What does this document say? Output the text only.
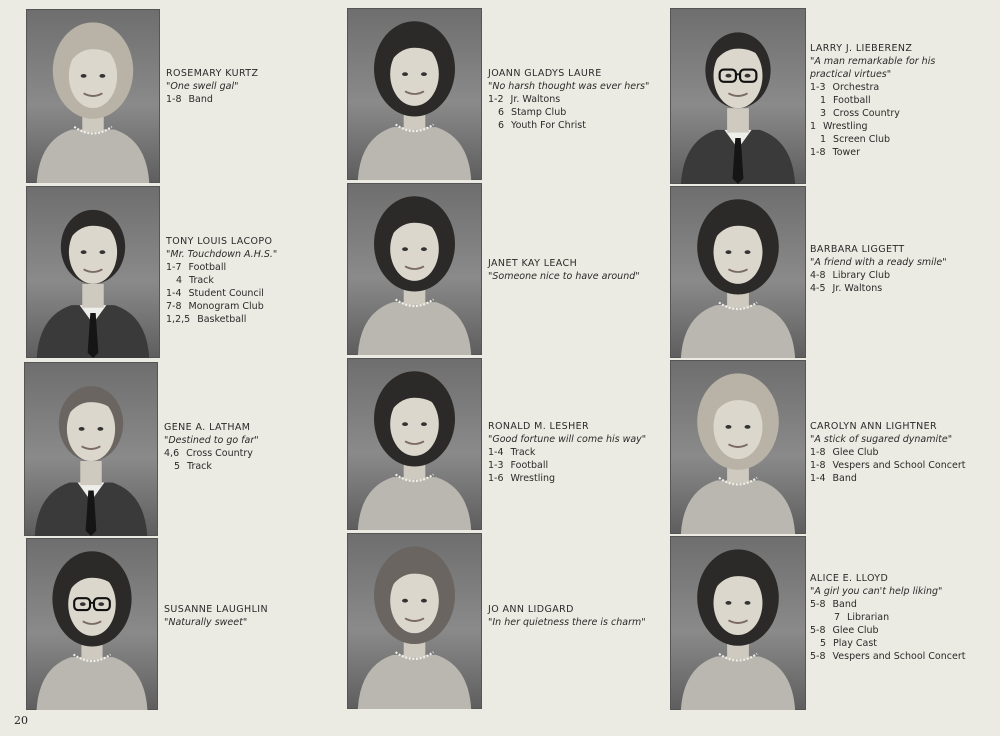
ROSEMARY KURTZ
"One swell gal"
1-8 Band
TONY LOUIS LACOPO
"Mr. Touchdown A.H.S."
1-7 Football
4 Track
1-4 Student Council
7-8 Monogram Club
1,2,5 Basketball
GENE A. LATHAM
"Destined to go far"
4,6 Cross Country
5 Track
SUSANNE LAUGHLIN
"Naturally sweet"
JOANN GLADYS LAURE
"No harsh thought was ever hers"
1-2 Jr. Waltons
6 Stamp Club
6 Youth For Christ
JANET KAY LEACH
"Someone nice to have around"
RONALD M. LESHER
"Good fortune will come his way"
1-4 Track
1-3 Football
1-6 Wrestling
JO ANN LIDGARD
"In her quietness there is charm"
LARRY J. LIEBERENZ
"A man remarkable for his practical virtues"
1-3 Orchestra
1 Football
3 Cross Country
1 Wrestling
1 Screen Club
1-8 Tower
BARBARA LIGGETT
"A friend with a ready smile"
4-8 Library Club
4-5 Jr. Waltons
CAROLYN ANN LIGHTNER
"A stick of sugared dynamite"
1-8 Glee Club
1-8 Vespers and School Concert
1-4 Band
ALICE E. LLOYD
"A girl you can't help liking"
5-8 Band
7 Librarian
5-8 Glee Club
5 Play Cast
5-8 Vespers and School Concert
20
